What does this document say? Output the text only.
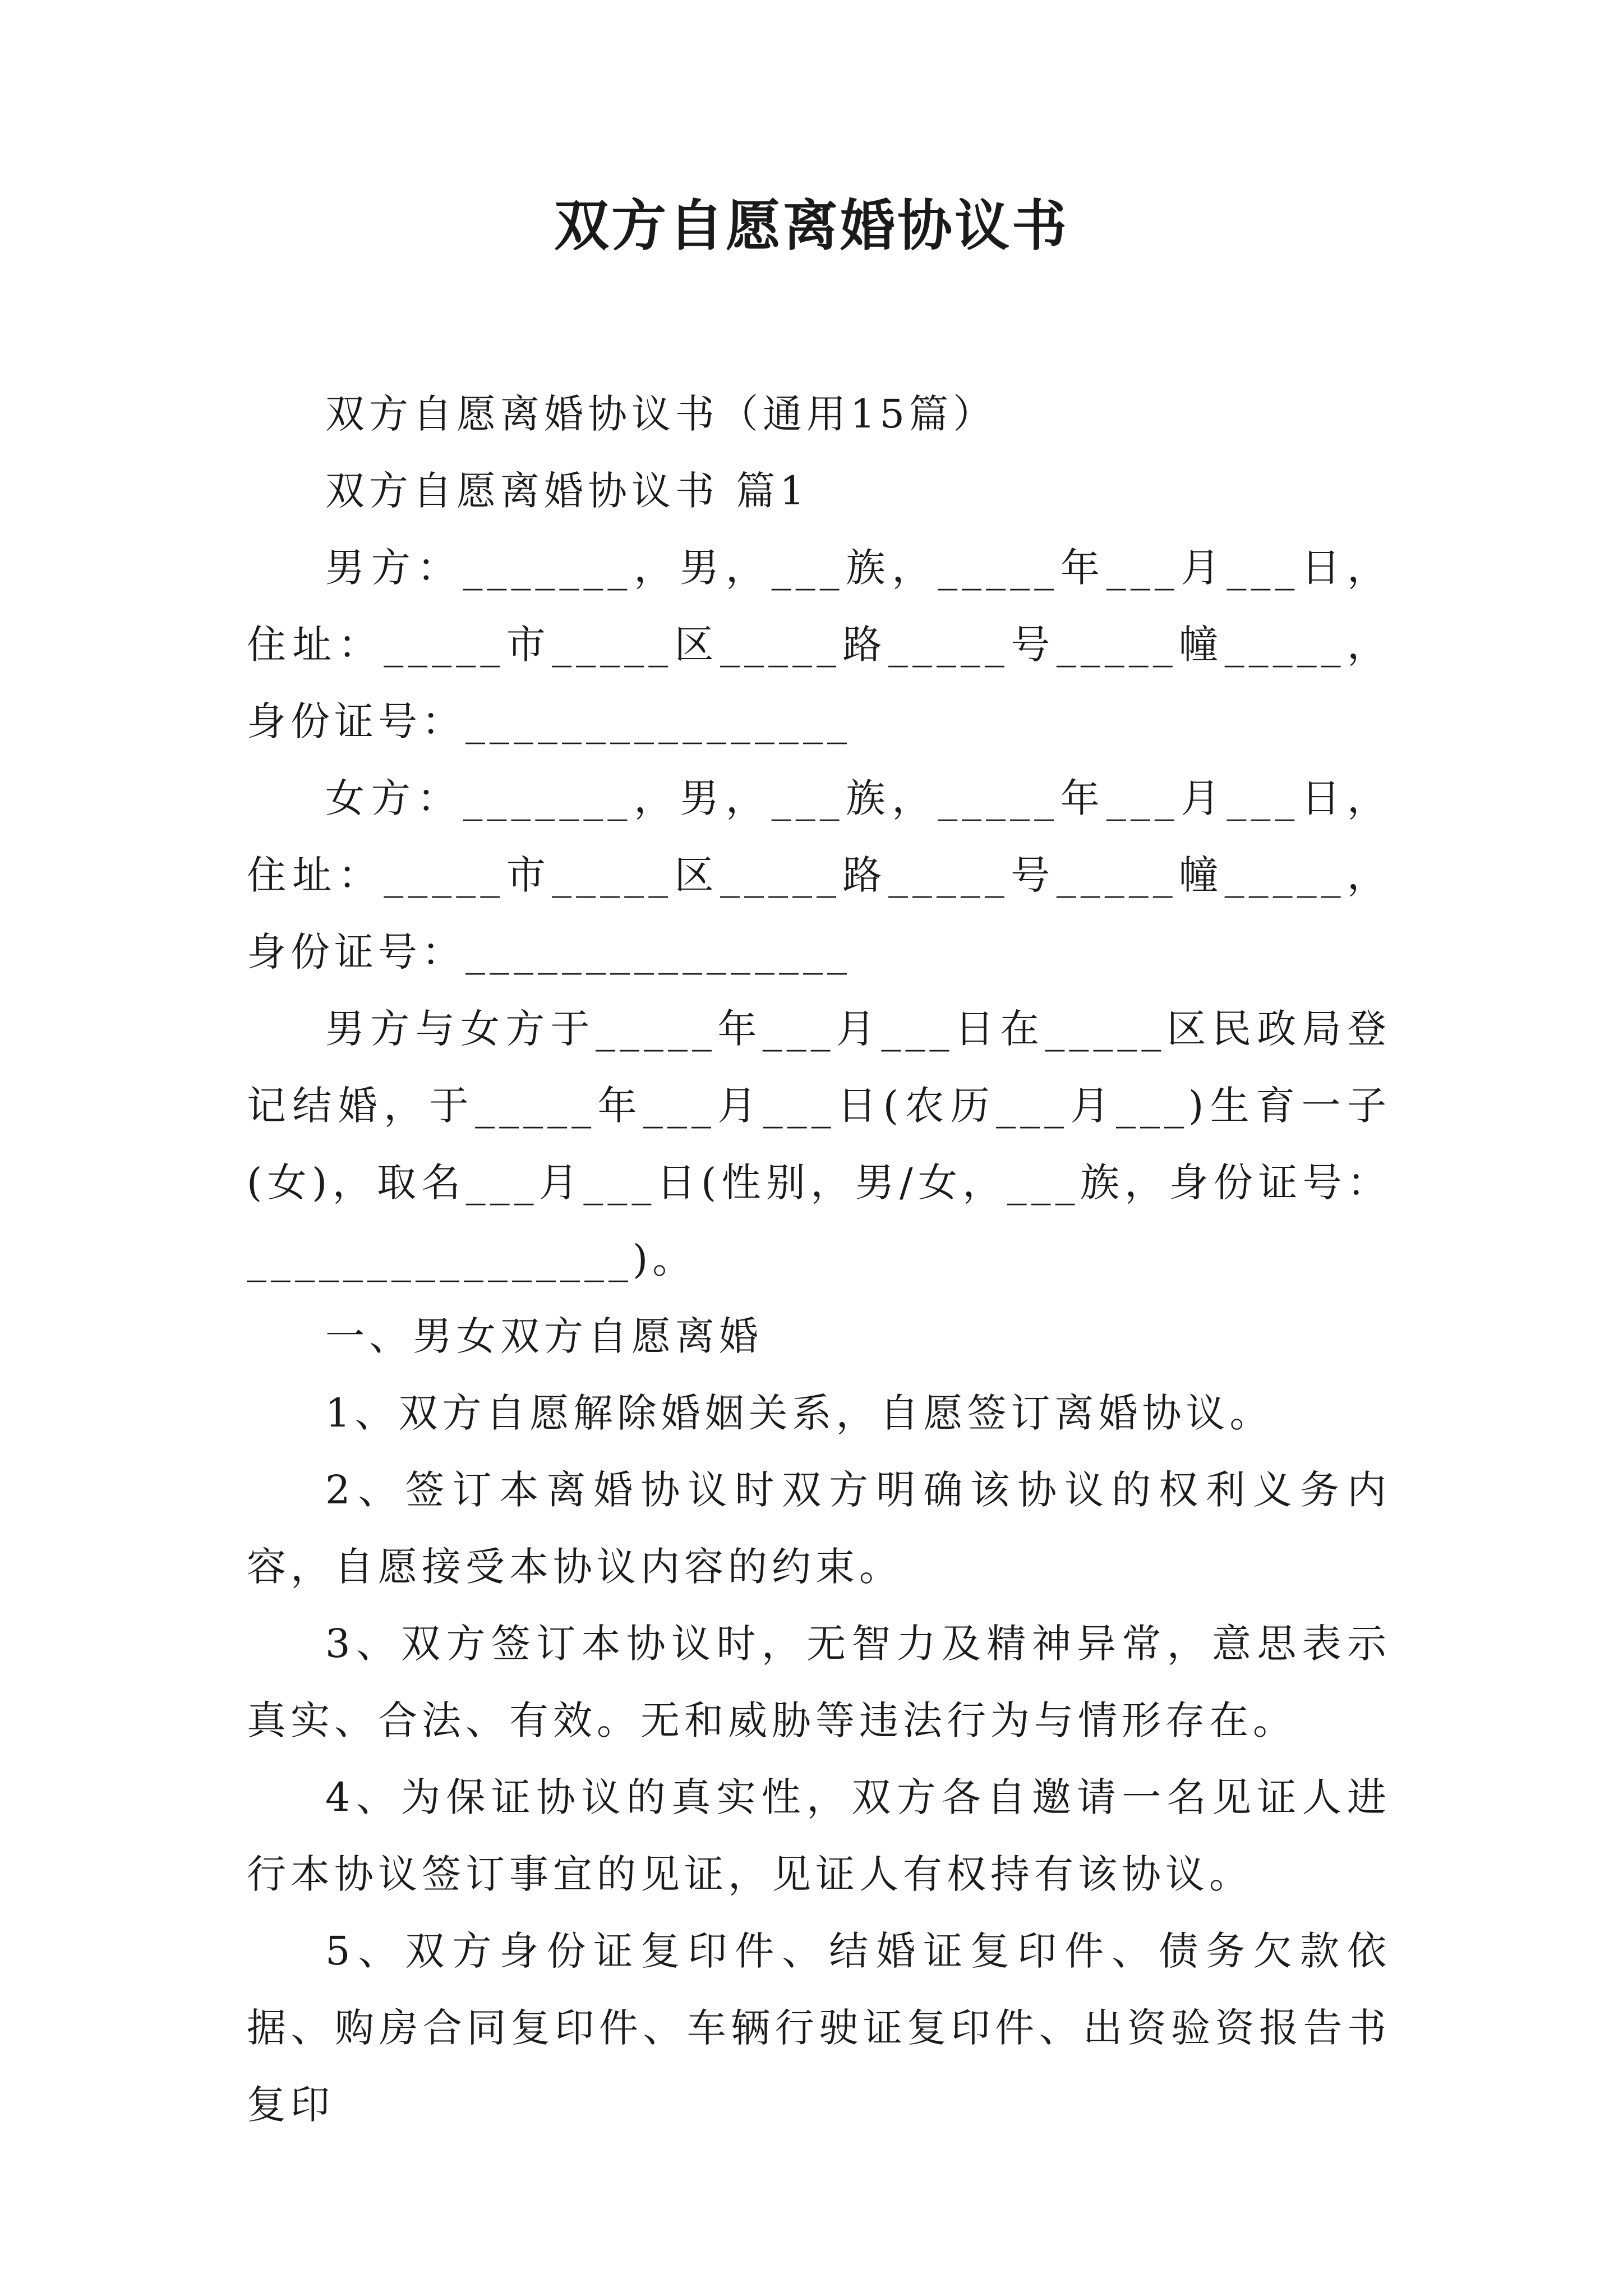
双方自愿离婚协议书

双方自愿离婚协议书（通用15篇）

双方自愿离婚协议书 篇1

男方：_______，男，___族，_____年___月___日，住址：_____市_____区_____路_____号_____幢_____，身份证号：________________

女方：_______，男，___族，_____年___月___日，住址：_____市_____区_____路_____号_____幢_____，身份证号：________________

男方与女方于_____年___月___日在_____区民政局登记结婚，于_____年___月___日(农历___月___)生育一子(女)，取名___月___日(性别，男/女，___族，身份证号：________________)。

一、男女双方自愿离婚

1、双方自愿解除婚姻关系，自愿签订离婚协议。

2、签订本离婚协议时双方明确该协议的权利义务内容，自愿接受本协议内容的约束。

3、双方签订本协议时，无智力及精神异常，意思表示真实、合法、有效。无和威胁等违法行为与情形存在。

4、为保证协议的真实性，双方各自邀请一名见证人进行本协议签订事宜的见证，见证人有权持有该协议。

5、双方身份证复印件、结婚证复印件、债务欠款依据、购房合同复印件、车辆行驶证复印件、出资验资报告书复印
